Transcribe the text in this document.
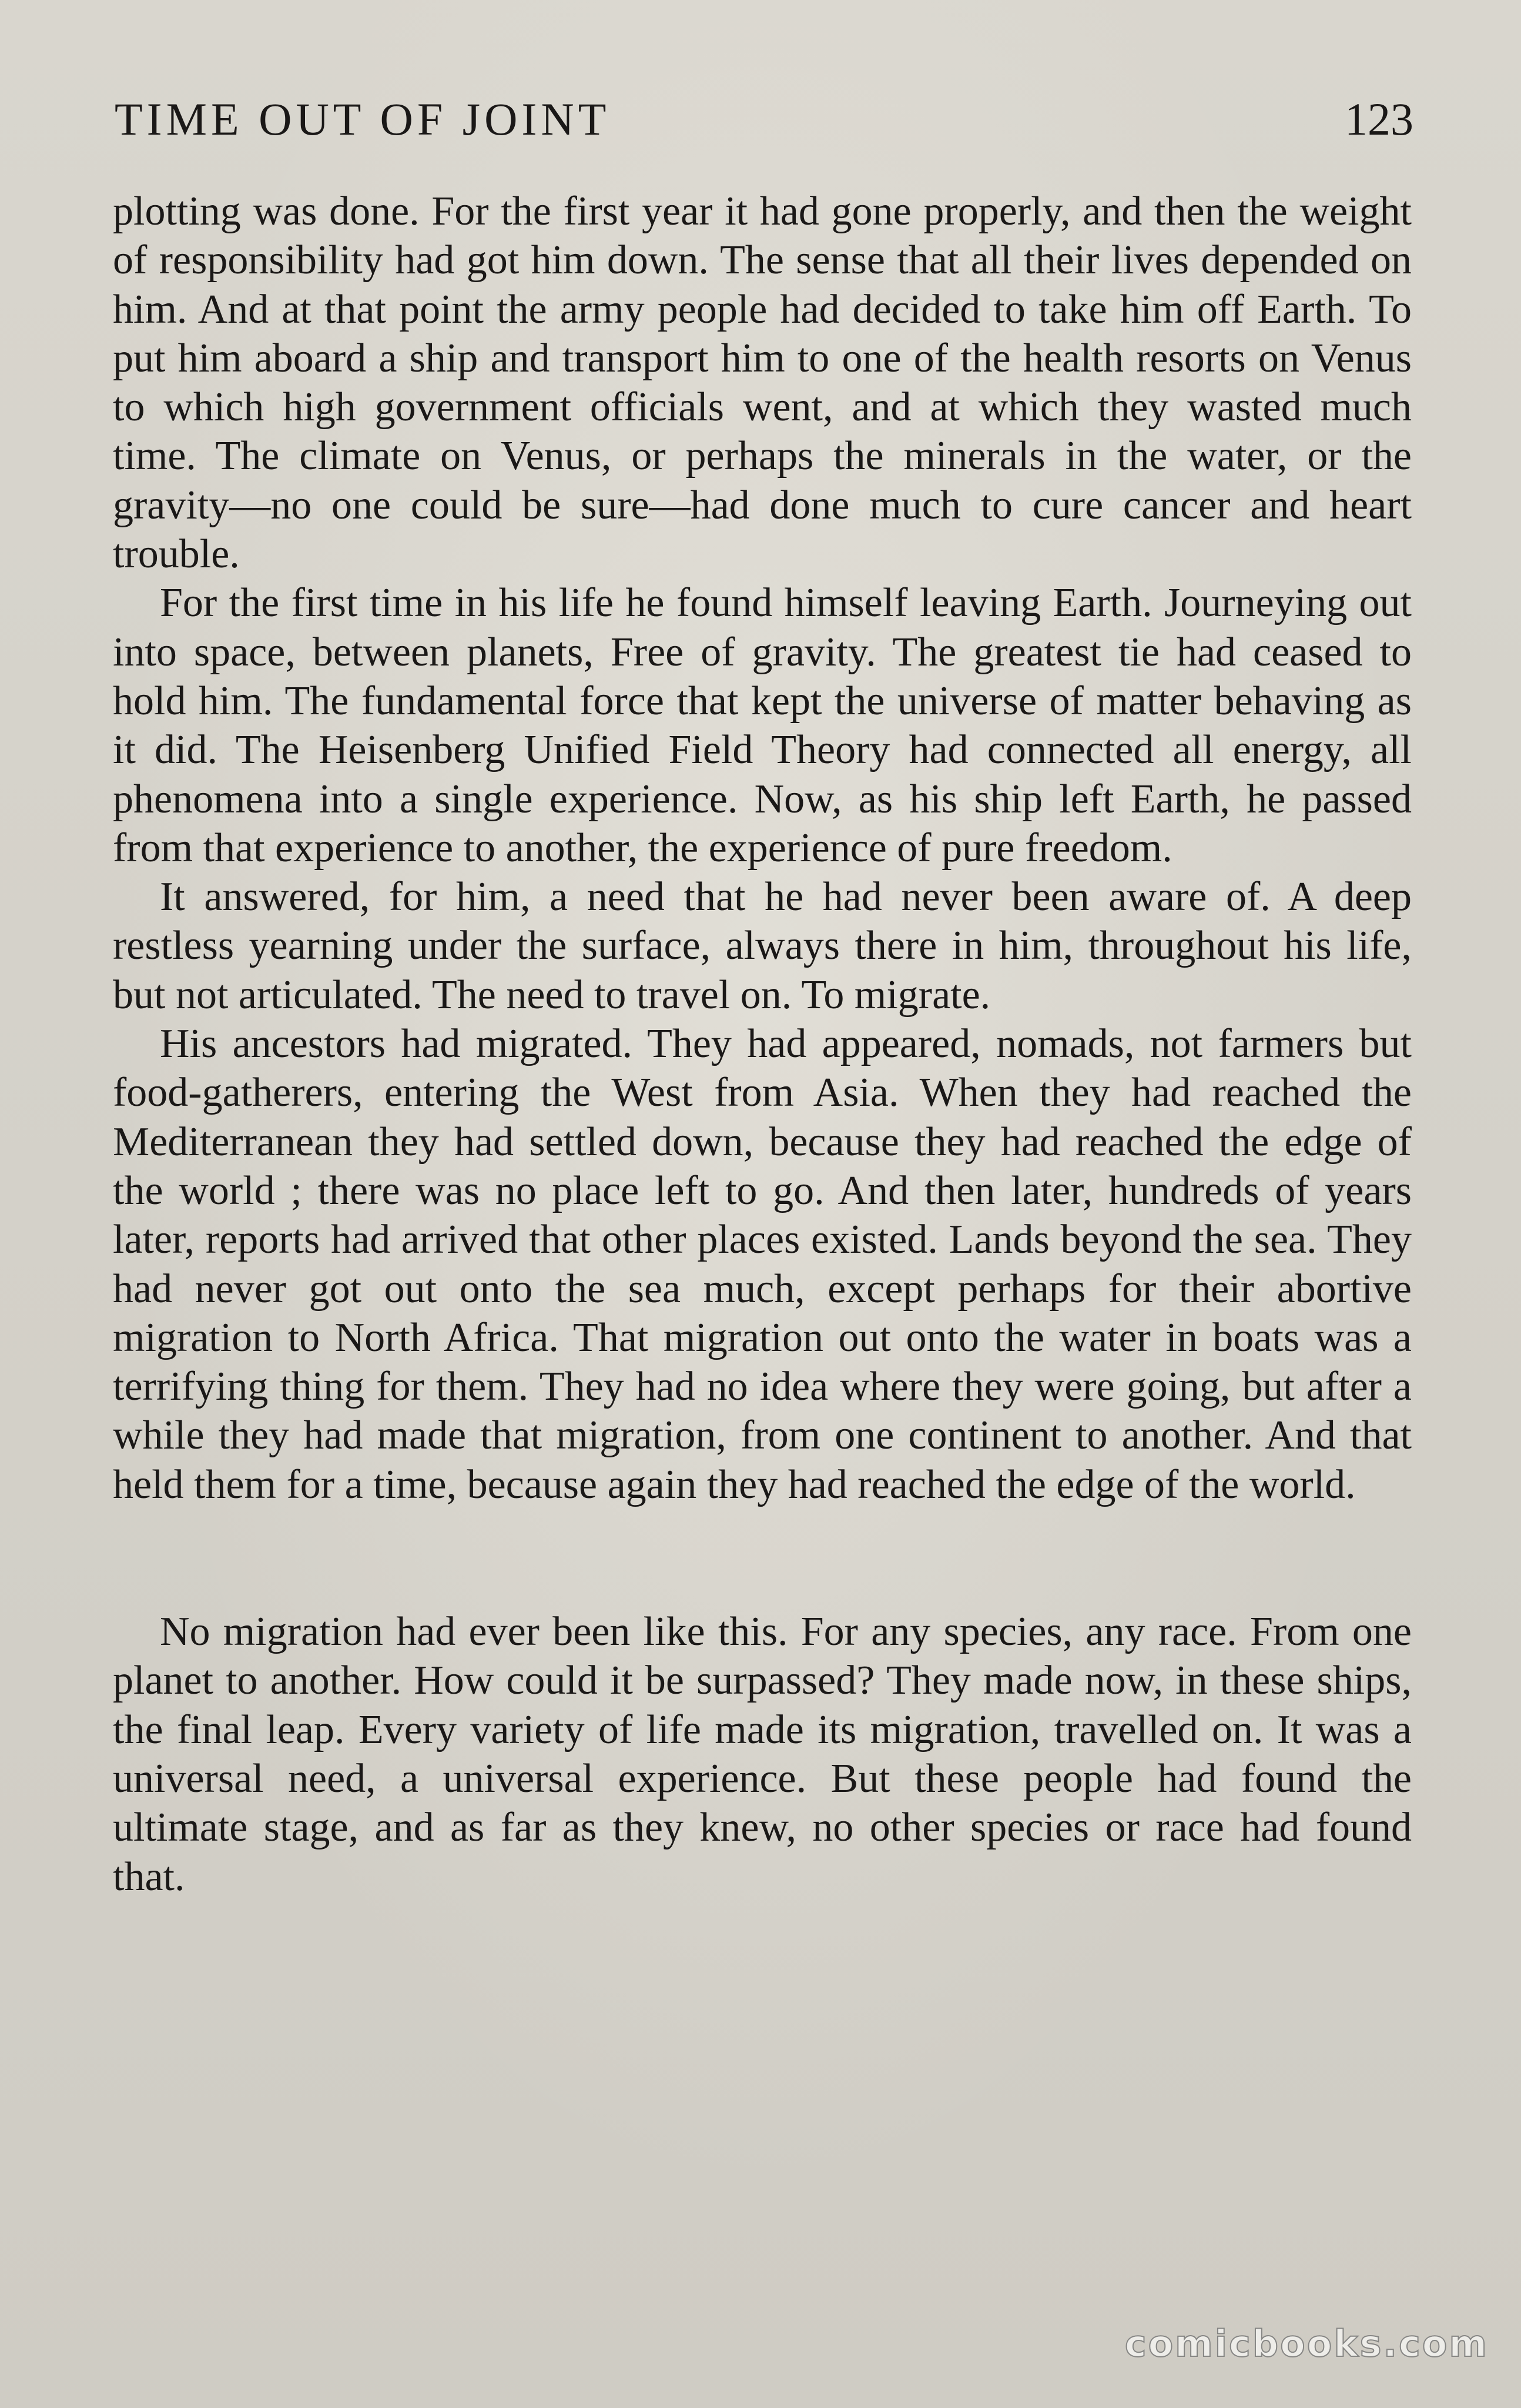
TIME OUT OF JOINT	123

plotting was done. For the first year it had gone properly, and then the weight of responsibility had got him down. The sense that all their lives depended on him. And at that point the army people had decided to take him off Earth. To put him aboard a ship and transport him to one of the health resorts on Venus to which high government officials went, and at which they wasted much time. The climate on Venus, or perhaps the minerals in the water, or the gravity—no one could be sure—had done much to cure cancer and heart trouble.

For the first time in his life he found himself leaving Earth. Journeying out into space, between planets, Free of gravity. The greatest tie had ceased to hold him. The fundamental force that kept the universe of matter behaving as it did. The Heisenberg Unified Field Theory had connected all energy, all phenomena into a single experience. Now, as his ship left Earth, he passed from that experience to another, the experience of pure freedom.

It answered, for him, a need that he had never been aware of. A deep restless yearning under the surface, always there in him, throughout his life, but not articulated. The need to travel on. To migrate.

His ancestors had migrated. They had appeared, nomads, not farmers but food-gatherers, entering the West from Asia. When they had reached the Mediterranean they had settled down, because they had reached the edge of the world ; there was no place left to go. And then later, hundreds of years later, reports had arrived that other places existed. Lands beyond the sea. They had never got out onto the sea much, except perhaps for their abortive migration to North Africa. That migration out onto the water in boats was a terrifying thing for them. They had no idea where they were going, but after a while they had made that migration, from one continent to another. And that held them for a time, because again they had reached the edge of the world.

No migration had ever been like this. For any species, any race. From one planet to another. How could it be surpassed? They made now, in these ships, the final leap. Every variety of life made its migration, travelled on. It was a universal need, a universal experience. But these people had found the ultimate stage, and as far as they knew, no other species or race had found that.

comicbooks.com
